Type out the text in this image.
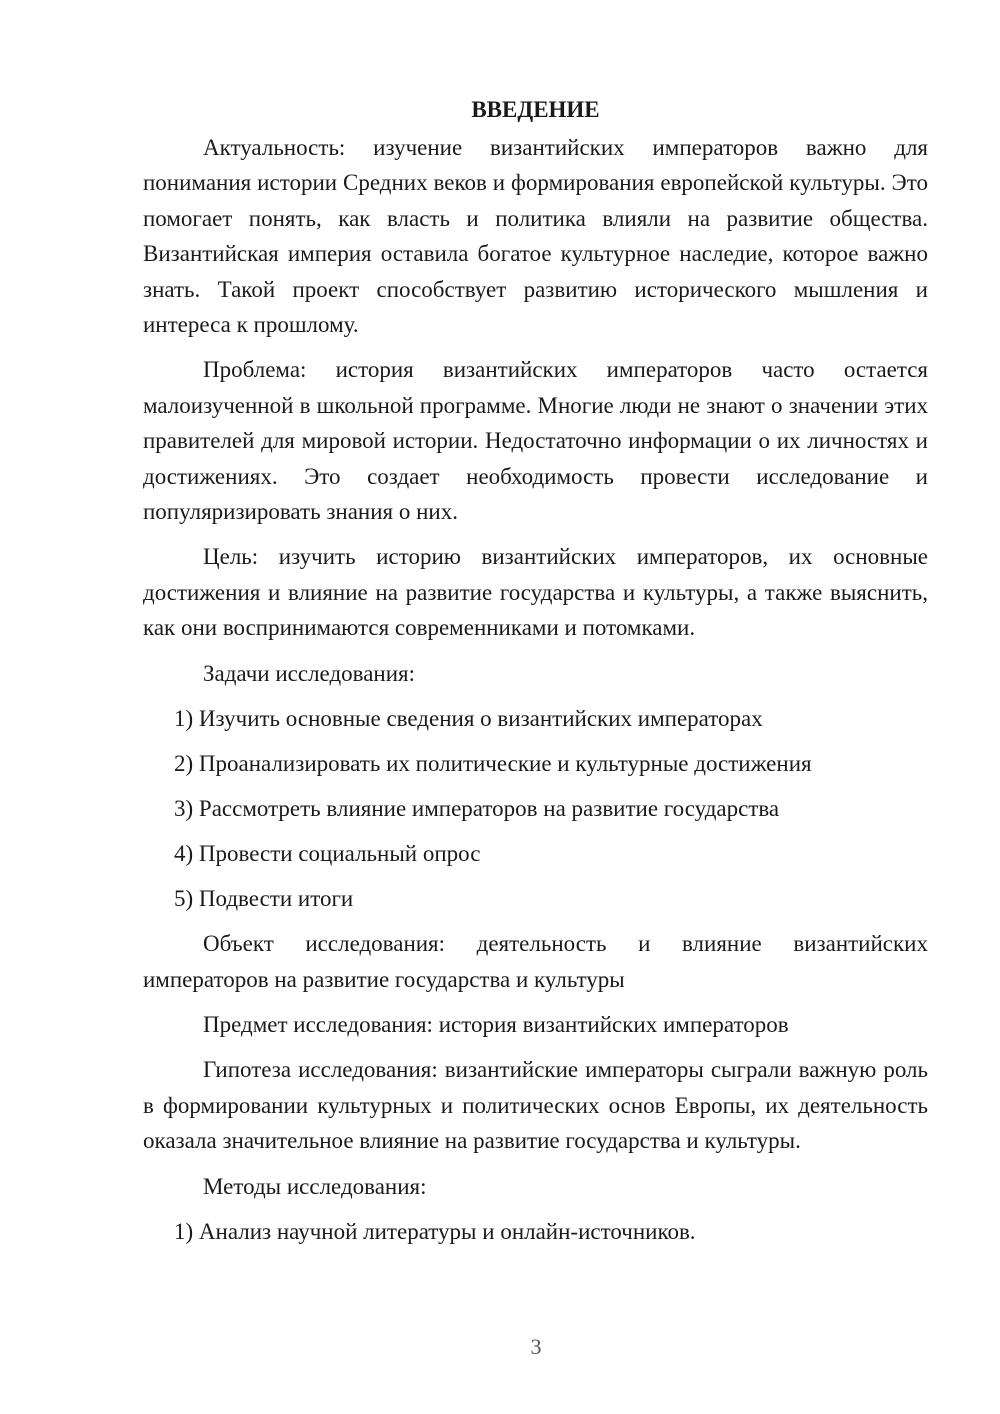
ВВЕДЕНИЕ

Актуальность: изучение византийских императоров важно для понимания истории Средних веков и формирования европейской культуры. Это помогает понять, как власть и политика влияли на развитие общества. Византийская империя оставила богатое культурное наследие, которое важно знать. Такой проект способствует развитию исторического мышления и интереса к прошлому.

Проблема: история византийских императоров часто остается малоизученной в школьной программе. Многие люди не знают о значении этих правителей для мировой истории. Недостаточно информации о их личностях и достижениях. Это создает необходимость провести исследование и популяризировать знания о них.

Цель: изучить историю византийских императоров, их основные достижения и влияние на развитие государства и культуры, а также выяснить, как они воспринимаются современниками и потомками.

Задачи исследования:

1) Изучить основные сведения о византийских императорах
2) Проанализировать их политические и культурные достижения
3) Рассмотреть влияние императоров на развитие государства
4) Провести социальный опрос
5) Подвести итоги

Объект исследования: деятельность и влияние византийских императоров на развитие государства и культуры

Предмет исследования: история византийских императоров

Гипотеза исследования: византийские императоры сыграли важную роль в формировании культурных и политических основ Европы, их деятельность оказала значительное влияние на развитие государства и культуры.

Методы исследования:

1) Анализ научной литературы и онлайн-источников.
3
